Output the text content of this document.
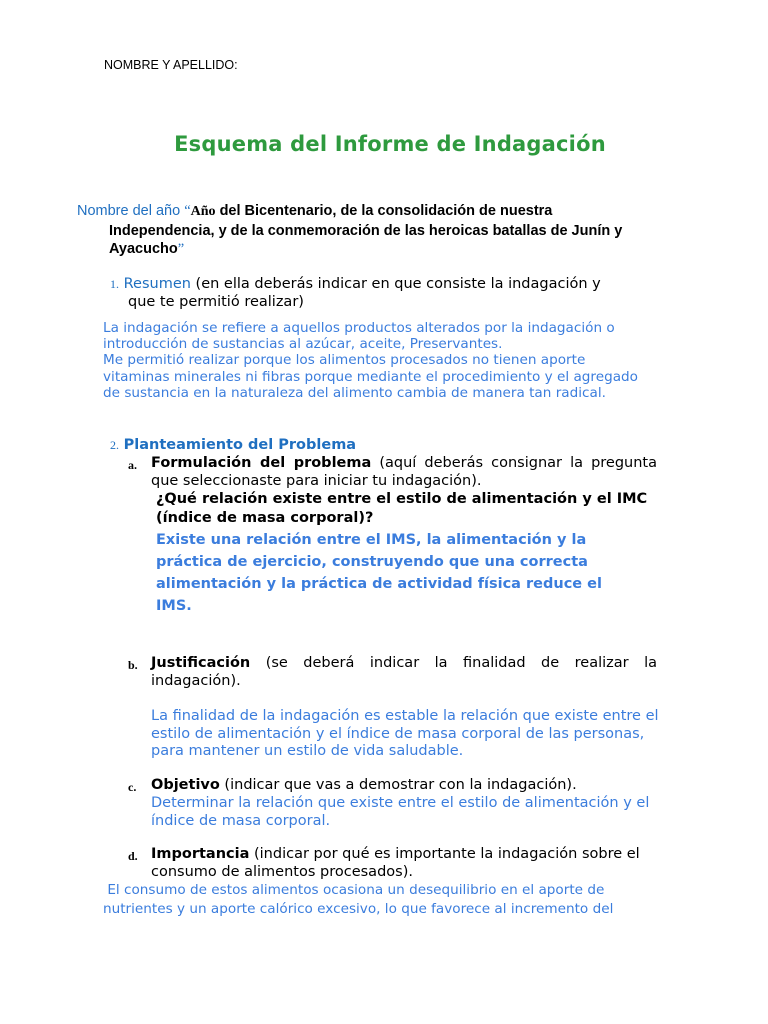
NOMBRE Y APELLIDO:
Esquema del Informe de Indagación
Nombre del año “Año del Bicentenario, de la consolidación de nuestra
Independencia, y de la conmemoración de las heroicas batallas de Junín y
Ayacucho”
1. Resumen (en ella deberás indicar en que consiste la indagación y
que te permitió realizar)
La indagación se refiere a aquellos productos alterados por la indagación o
introducción de sustancias al azúcar, aceite, Preservantes.
Me permitió realizar porque los alimentos procesados no tienen aporte
vitaminas minerales ni fibras porque mediante el procedimiento y el agregado
de sustancia en la naturaleza del alimento cambia de manera tan radical.
2. Planteamiento del Problema
a. Formulación del problema (aquí deberás consignar la pregunta que seleccionaste para iniciar tu indagación).
¿Qué relación existe entre el estilo de alimentación y el IMC (índice de masa corporal)?
Existe una relación entre el IMS, la alimentación y la práctica de ejercicio, construyendo que una correcta alimentación y la práctica de actividad física reduce el IMS.
b. Justificación (se deberá indicar la finalidad de realizar la indagación).
La finalidad de la indagación es estable la relación que existe entre el estilo de alimentación y el índice de masa corporal de las personas, para mantener un estilo de vida saludable.
c. Objetivo (indicar que vas a demostrar con la indagación).
Determinar la relación que existe entre el estilo de alimentación y el índice de masa corporal.
d. Importancia (indicar por qué es importante la indagación sobre el consumo de alimentos procesados).
El consumo de estos alimentos ocasiona un desequilibrio en el aporte de
nutrientes y un aporte calórico excesivo, lo que favorece al incremento del
